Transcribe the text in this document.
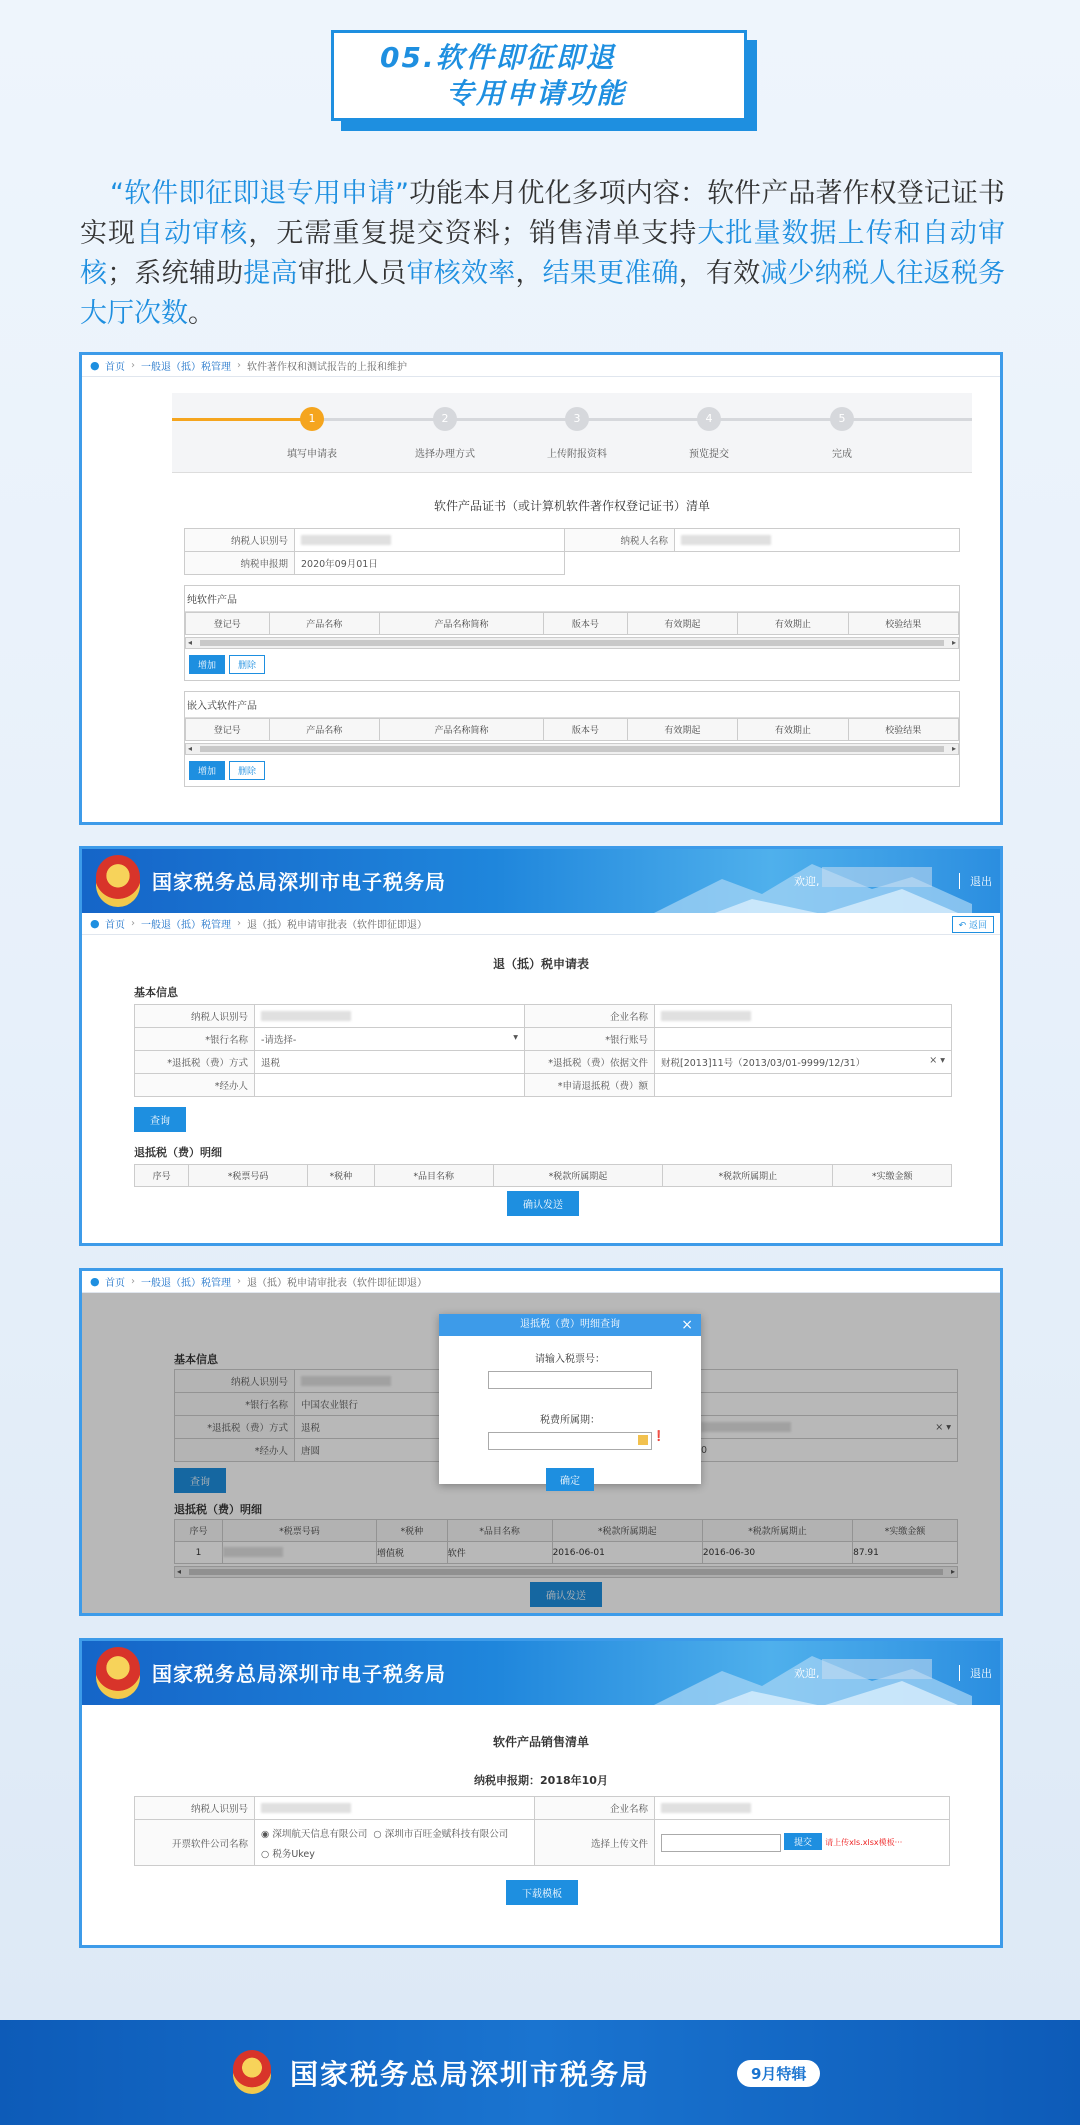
05.软件即征即退
专用申请功能
“软件即征即退专用申请”功能本月优化多项内容：软件产品著作权登记证书实现自动审核，无需重复提交资料；销售清单支持大批量数据上传和自动审核；系统辅助提高审批人员审核效率，结果更准确，有效减少纳税人往返税务大厅次数。
● 首页 › 一般退（抵）税管理 › 软件著作权和测试报告的上报和维护
1
填写申请表
2
选择办理方式
3
上传附报资料
4
预览提交
5
完成
软件产品证书（或计算机软件著作权登记证书）清单
纳税人识别号		纳税人名称	
纳税申报期	2020年09月01日		
纯软件产品
登记号	产品名称	产品名称简称	版本号	有效期起	有效期止	校验结果
◂	▸
增加 删除
嵌入式软件产品
登记号	产品名称	产品名称简称	版本号	有效期起	有效期止	校验结果
◂	▸
增加 删除
国家税务总局深圳市电子税务局	欢迎,	退出
● 首页 › 一般退（抵）税管理 › 退（抵）税申请审批表（软件即征即退）	↶ 返回
退（抵）税申请表
基本信息
纳税人识别号		企业名称	
*银行名称	-请选择- ▾	*银行账号	
*退抵税（费）方式	退税	*退抵税（费）依据文件	财税[2013]11号（2013/03/01-9999/12/31） × ▾

*经办人		*申请退抵税（费）额	
查询
退抵税（费）明细
序号	*税票号码	*税种	*品目名称	*税款所属期起	*税款所属期止	*实缴金额
确认发送
● 首页 › 一般退（抵）税管理 › 退（抵）税申请审批表（软件即征即退）
基本信息
纳税人识别号			
*银行名称	中国农业银行		
*退抵税（费）方式	退税		× ▾

*经办人	唐圆		0
查询
退抵税（费）明细
序号	*税票号码	*税种	*品目名称	*税款所属期起	*税款所属期止	*实缴金额
1		增值税	软件	2016-06-01	2016-06-30	87.91
◂	▸
确认发送
退抵税（费）明细查询	×
请输入税票号：
税费所属期：
❗
确定
国家税务总局深圳市电子税务局	欢迎,	退出
软件产品销售清单
纳税申报期：2018年10月
纳税人识别号		企业名称	
开票软件公司名称	◉ 深圳航天信息有限公司 ○ 深圳市百旺金赋科技有限公司
○ 税务Ukey	选择上传文件	提交 请上传xls.xlsx模板···
下载模板
国家税务总局深圳市税务局	9月特辑
